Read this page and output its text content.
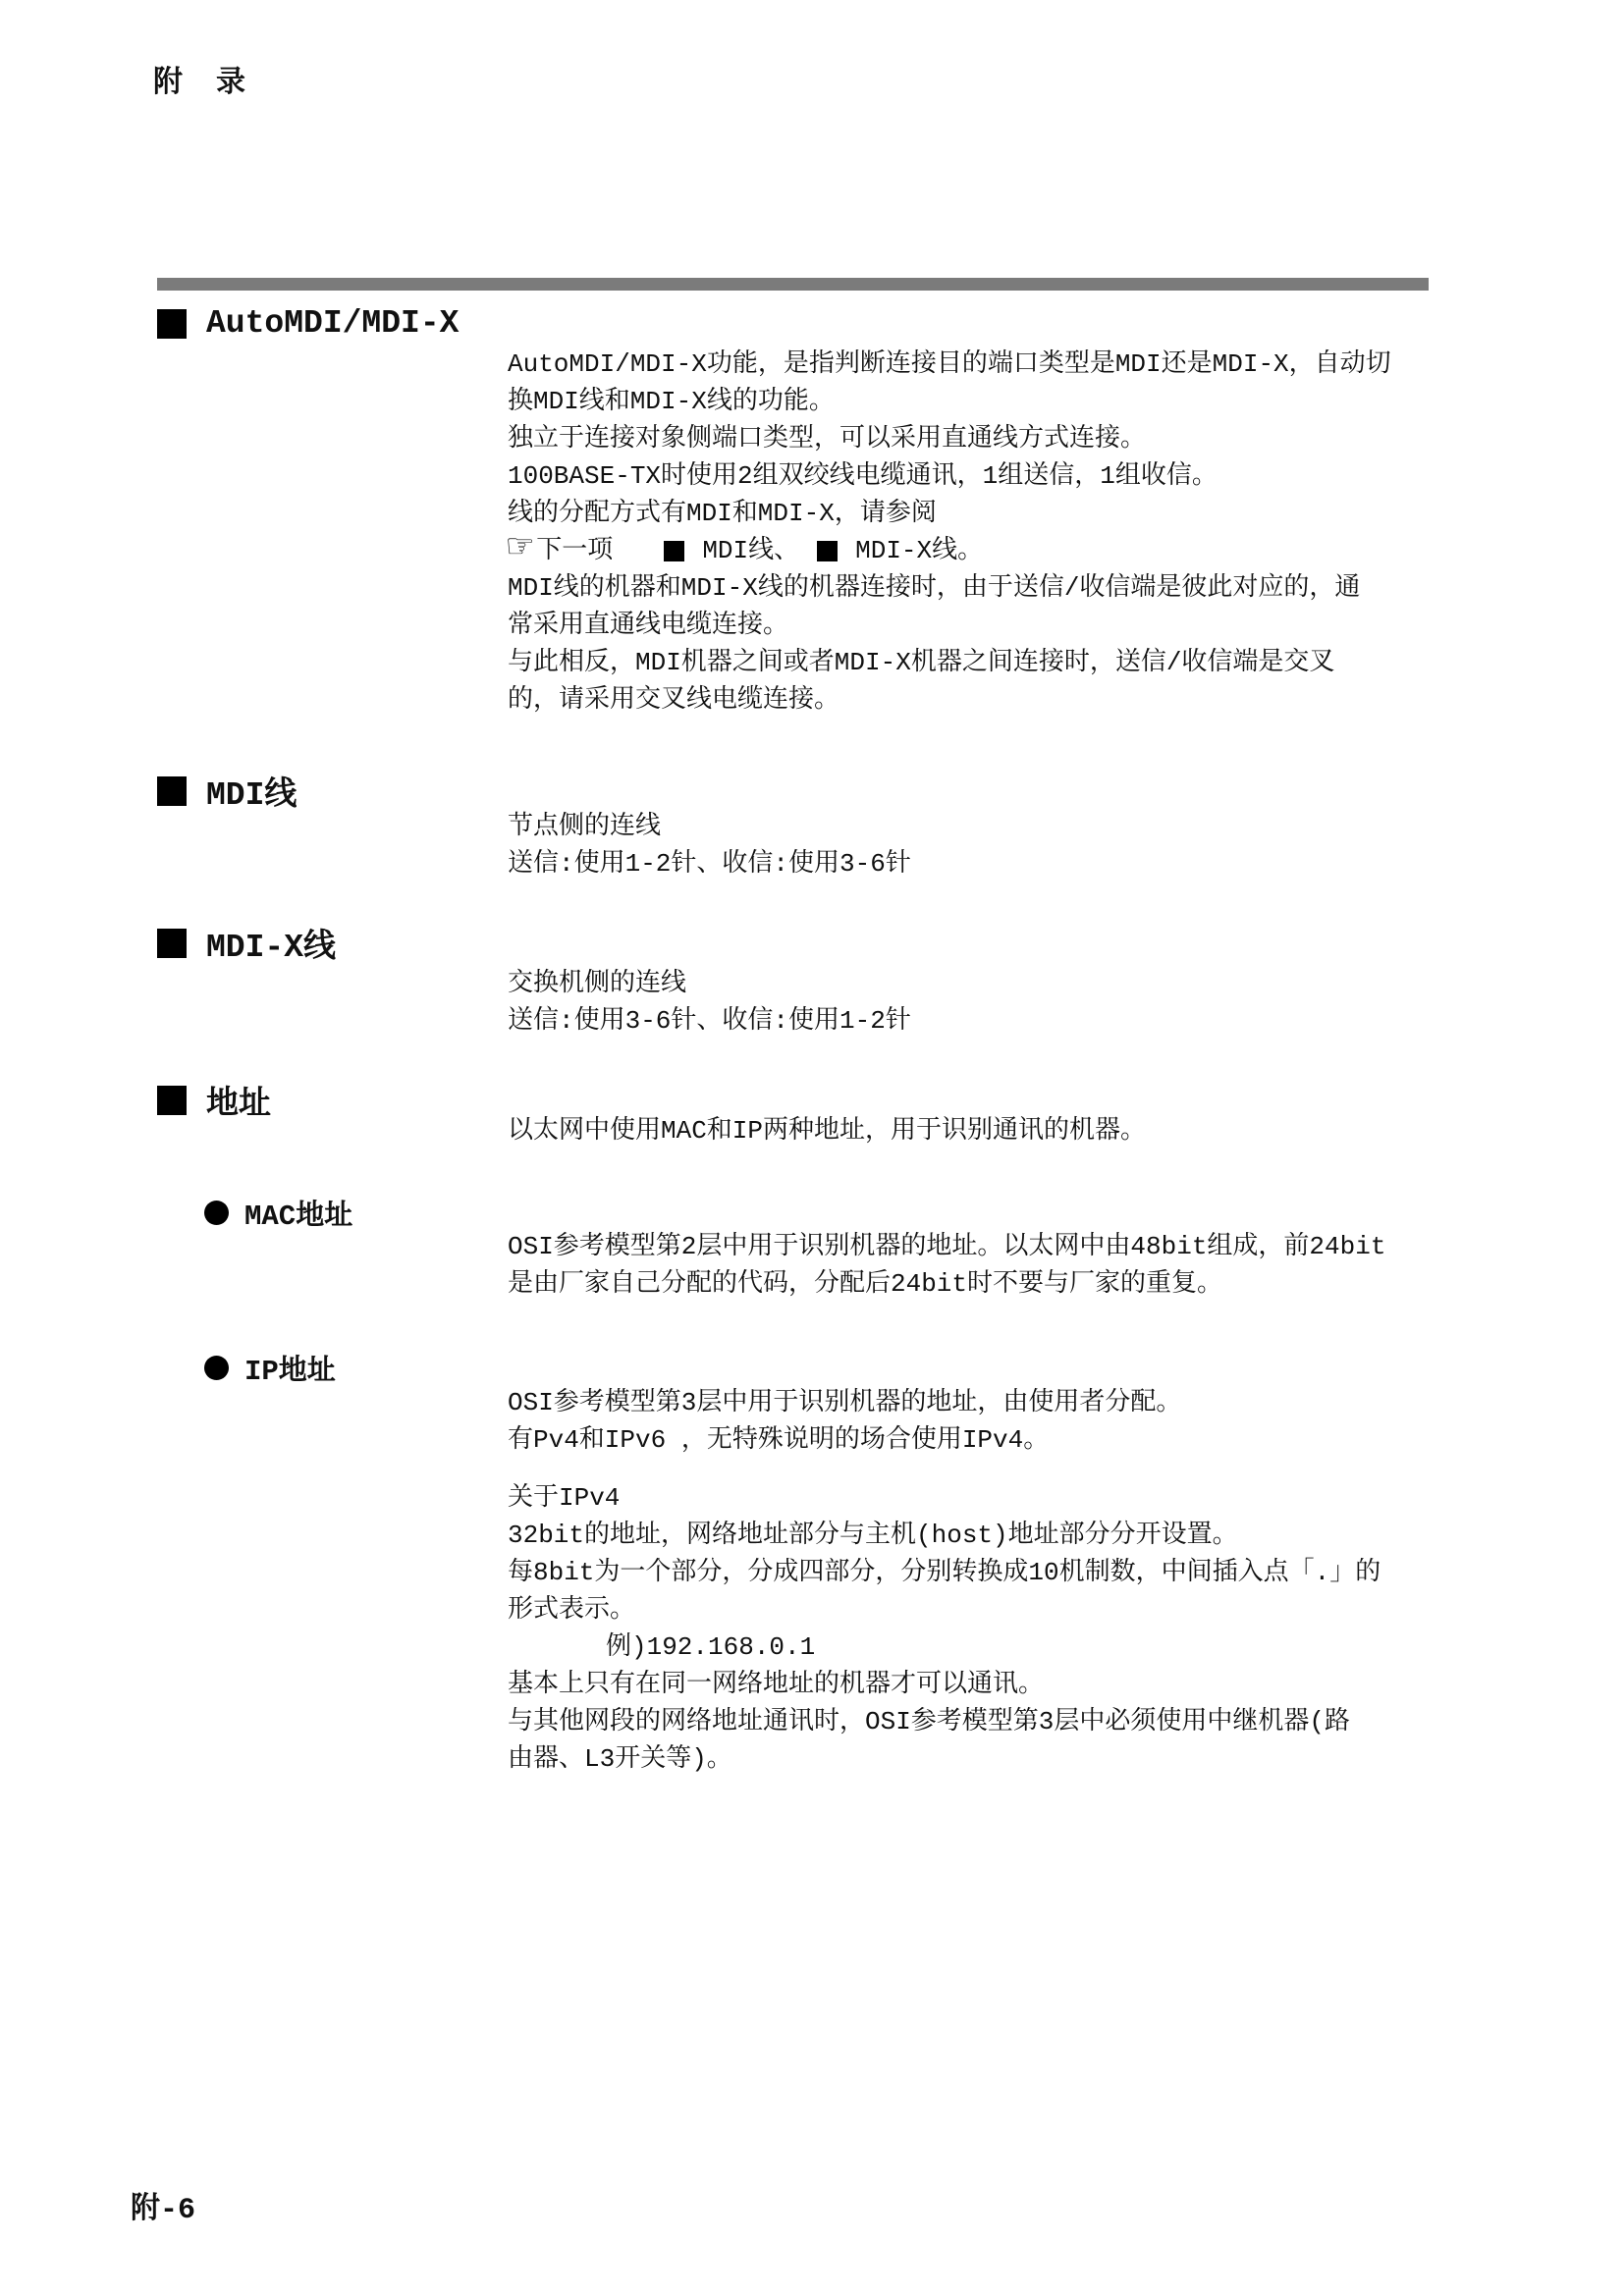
附　录
AutoMDI/MDI-X
AutoMDI/MDI-X功能，是指判断连接目的端口类型是MDI还是MDI-X，自动切
换MDI线和MDI-X线的功能。
独立于连接对象侧端口类型，可以采用直通线方式连接。
100BASE-TX时使用2组双绞线电缆通讯，1组送信，1组收信。
线的分配方式有MDI和MDI-X，请参阅
☞ 下一项	MDI线、 MDI-X线。
MDI线的机器和MDI-X线的机器连接时，由于送信/收信端是彼此对应的，通
常采用直通线电缆连接。
与此相反，MDI机器之间或者MDI-X机器之间连接时，送信/收信端是交叉
的，请采用交叉线电缆连接。
MDI线
节点侧的连线
送信:使用1-2针、收信:使用3-6针
MDI-X线
交换机侧的连线
送信:使用3-6针、收信:使用1-2针
地址
以太网中使用MAC和IP两种地址，用于识别通讯的机器。
MAC地址
OSI参考模型第2层中用于识别机器的地址。以太网中由48bit组成，前24bit
是由厂家自己分配的代码，分配后24bit时不要与厂家的重复。
IP地址
OSI参考模型第3层中用于识别机器的地址，由使用者分配。
有Pv4和IPv6 ，无特殊说明的场合使用IPv4。
关于IPv4
32bit的地址，网络地址部分与主机(host)地址部分分开设置。
每8bit为一个部分，分成四部分，分别转换成10机制数，中间插入点「.」的
形式表示。
例)192.168.0.1
基本上只有在同一网络地址的机器才可以通讯。
与其他网段的网络地址通讯时，OSI参考模型第3层中必须使用中继机器(路
由器、L3开关等)。
附-6
